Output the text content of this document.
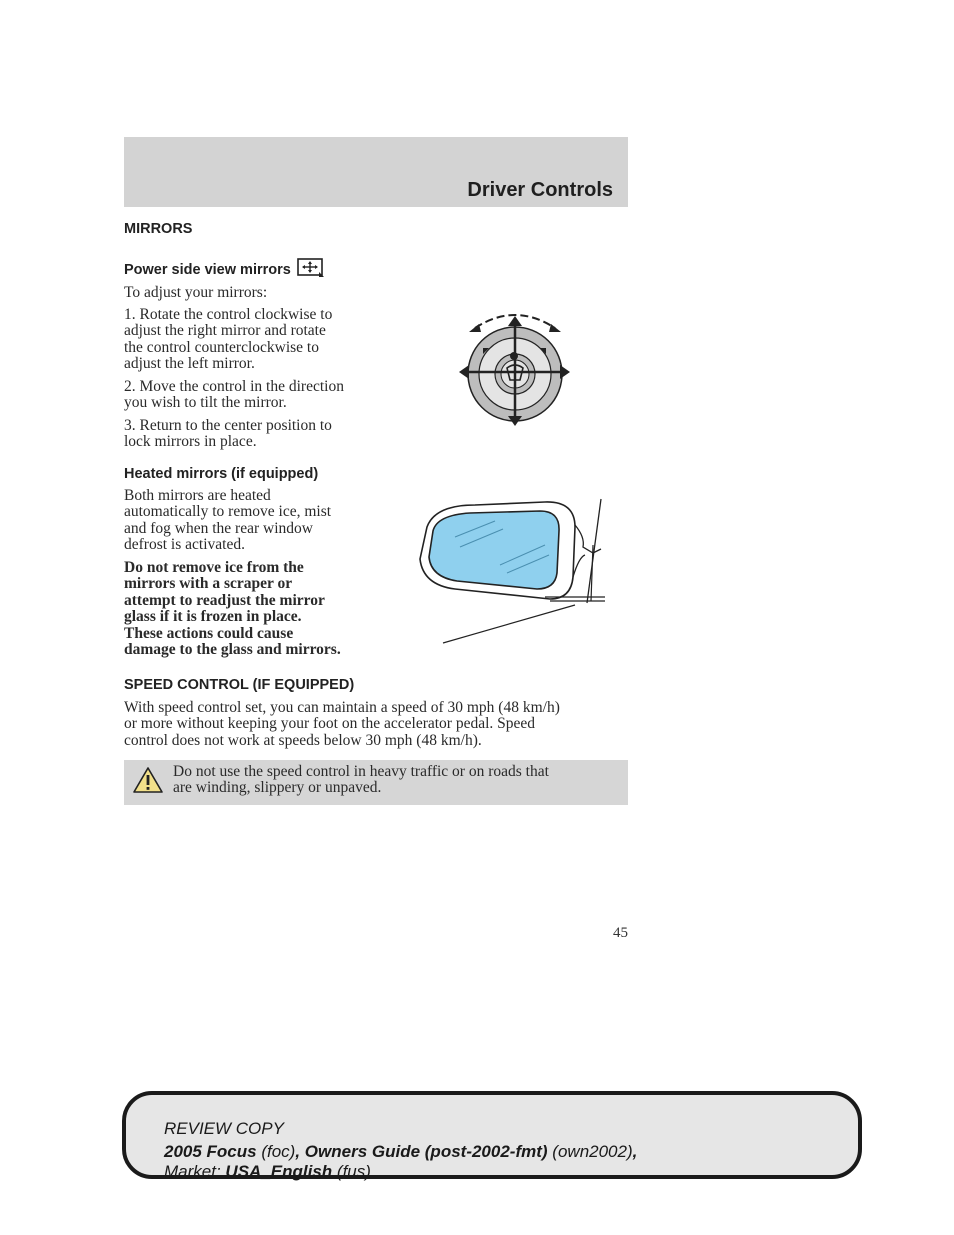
Driver Controls
MIRRORS
Power side view mirrors
To adjust your mirrors:
1. Rotate the control clockwise to
adjust the right mirror and rotate
the control counterclockwise to
adjust the left mirror.
2. Move the control in the direction
you wish to tilt the mirror.
3. Return to the center position to
lock mirrors in place.
Heated mirrors (if equipped)
Both mirrors are heated
automatically to remove ice, mist
and fog when the rear window
defrost is activated.
Do not remove ice from the
mirrors with a scraper or
attempt to readjust the mirror
glass if it is frozen in place.
These actions could cause
damage to the glass and mirrors.
SPEED CONTROL (IF EQUIPPED)
With speed control set, you can maintain a speed of 30 mph (48 km/h)
or more without keeping your foot on the accelerator pedal. Speed
control does not work at speeds below 30 mph (48 km/h).
Do not use the speed control in heavy traffic or on roads that
are winding, slippery or unpaved.
45
REVIEW COPY
2005 Focus (foc), Owners Guide (post-2002-fmt) (own2002),
Market: USA_English (fus)
